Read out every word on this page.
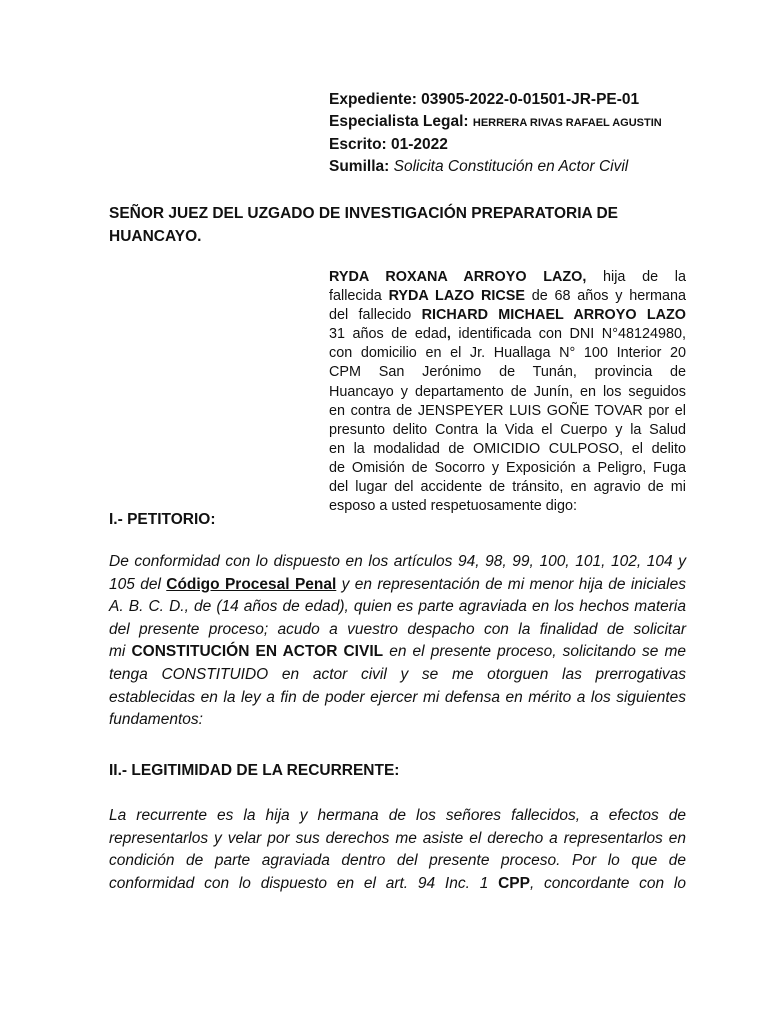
Expediente: 03905-2022-0-01501-JR-PE-01
Especialista Legal: HERRERA RIVAS RAFAEL AGUSTIN
Escrito: 01-2022
Sumilla: Solicita Constitución en Actor Civil
SEÑOR JUEZ DEL UZGADO DE INVESTIGACIÓN PREPARATORIA DE
HUANCAYO.
RYDA ROXANA ARROYO LAZO, hija de la
fallecida RYDA LAZO RICSE de 68 años y hermana
del fallecido RICHARD MICHAEL ARROYO LAZO
31 años de edad, identificada con DNI N°48124980,
con domicilio en el Jr. Huallaga N° 100 Interior 20
CPM San Jerónimo de Tunán, provincia de
Huancayo y departamento de Junín, en los seguidos
en contra de JENSPEYER LUIS GOÑE TOVAR por el
presunto delito Contra la Vida el Cuerpo y la Salud
en la modalidad de OMICIDIO CULPOSO, el delito
de Omisión de Socorro y Exposición a Peligro, Fuga
del lugar del accidente de tránsito, en agravio de mi
esposo a usted respetuosamente digo:
I.- PETITORIO:
De conformidad con lo dispuesto en los artículos 94, 98, 99, 100, 101, 102, 104 y
105 del Código Procesal Penal y en representación de mi menor hija de iniciales
A. B. C. D., de (14 años de edad), quien es parte agraviada en los hechos materia
del presente proceso; acudo a vuestro despacho con la finalidad de solicitar
mi CONSTITUCIÓN EN ACTOR CIVIL en el presente proceso, solicitando se me
tenga CONSTITUIDO en actor civil y se me otorguen las prerrogativas
establecidas en la ley a fin de poder ejercer mi defensa en mérito a los siguientes
fundamentos:
II.- LEGITIMIDAD DE LA RECURRENTE:
La recurrente es la hija y hermana de los señores fallecidos, a efectos de
representarlos y velar por sus derechos me asiste el derecho a representarlos en
condición de parte agraviada dentro del presente proceso. Por lo que de
conformidad con lo dispuesto en el art. 94 Inc. 1 CPP, concordante con lo
